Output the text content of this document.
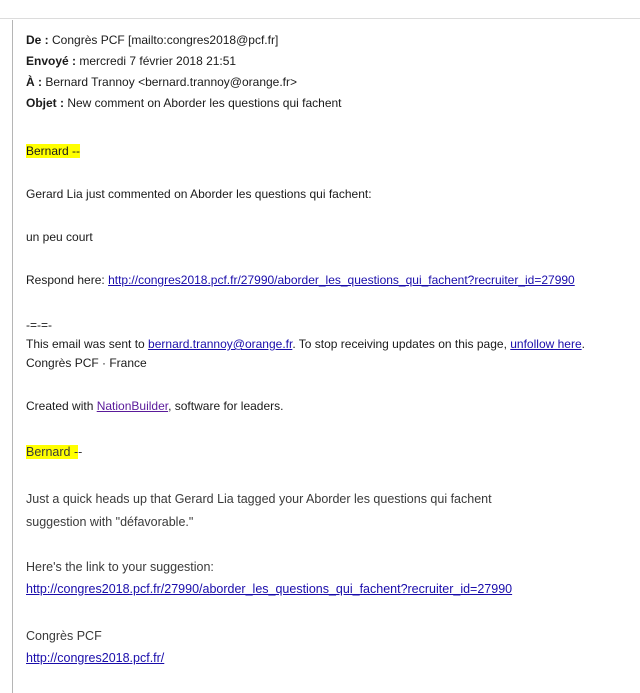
De : Congrès PCF [mailto:congres2018@pcf.fr]
Envoyé : mercredi 7 février 2018 21:51
À : Bernard Trannoy <bernard.trannoy@orange.fr>
Objet : New comment on Aborder les questions qui fachent
Bernard --
Gerard Lia just commented on Aborder les questions qui fachent:
un peu court
Respond here: http://congres2018.pcf.fr/27990/aborder_les_questions_qui_fachent?recruiter_id=27990
-=-=-
This email was sent to bernard.trannoy@orange.fr. To stop receiving updates on this page, unfollow here.
Congrès PCF · France
Created with NationBuilder, software for leaders.
Bernard --
Just a quick heads up that Gerard Lia tagged your Aborder les questions qui fachent
suggestion with "défavorable."
Here's the link to your suggestion:
http://congres2018.pcf.fr/27990/aborder_les_questions_qui_fachent?recruiter_id=27990
Congrès PCF
http://congres2018.pcf.fr/
